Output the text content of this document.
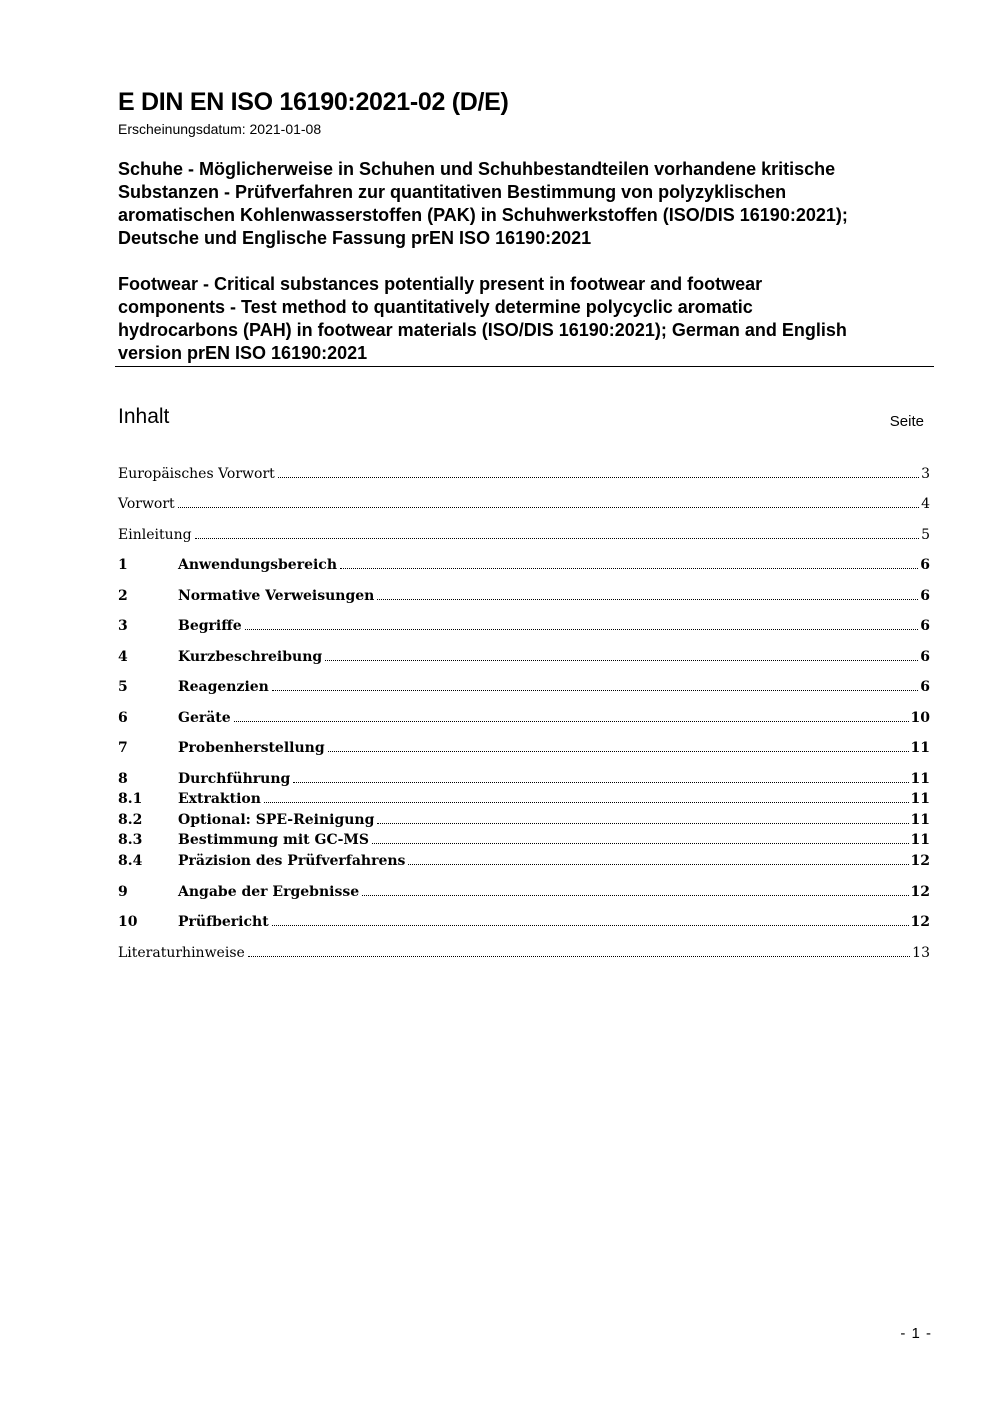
E DIN EN ISO 16190:2021-02 (D/E)
Erscheinungsdatum: 2021-01-08
Schuhe - Möglicherweise in Schuhen und Schuhbestandteilen vorhandene kritische
Substanzen - Prüfverfahren zur quantitativen Bestimmung von polyzyklischen
aromatischen Kohlenwasserstoffen (PAK) in Schuhwerkstoffen (ISO/DIS 16190:2021);
Deutsche und Englische Fassung prEN ISO 16190:2021
Footwear - Critical substances potentially present in footwear and footwear
components - Test method to quantitatively determine polycyclic aromatic
hydrocarbons (PAH) in footwear materials (ISO/DIS 16190:2021); German and English
version prEN ISO 16190:2021
Inhalt	Seite
Europäisches Vorwort	3
Vorwort	4
Einleitung	5
1	Anwendungsbereich	6
2	Normative Verweisungen	6
3	Begriffe	6
4	Kurzbeschreibung	6
5	Reagenzien	6
6	Geräte	10
7	Probenherstellung	11
8	Durchführung	11
8.1	Extraktion	11
8.2	Optional: SPE-Reinigung	11
8.3	Bestimmung mit GC-MS	11
8.4	Präzision des Prüfverfahrens	12
9	Angabe der Ergebnisse	12
10	Prüfbericht	12
Literaturhinweise	13
- 1 -
